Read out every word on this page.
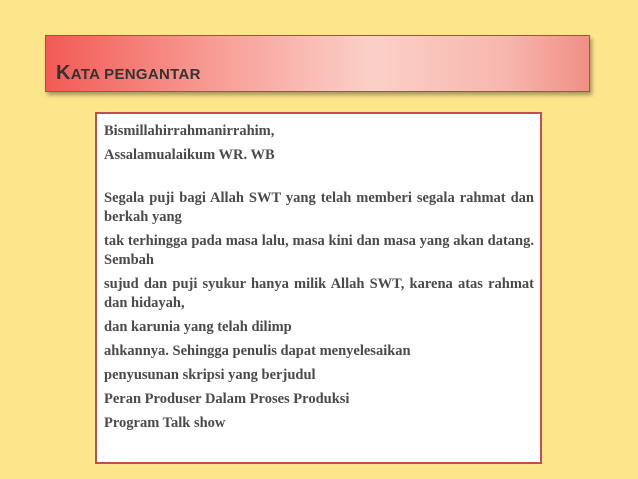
KATA PENGANTAR

Bismillahirrahmanirrahim,

Assalamualaikum WR. WB

Segala puji bagi Allah SWT yang telah memberi segala rahmat dan berkah yang

tak terhingga pada masa lalu, masa kini dan masa yang akan datang. Sembah

sujud dan puji syukur hanya milik Allah SWT, karena atas rahmat dan hidayah,

dan karunia yang telah dilimp

ahkannya. Sehingga penulis dapat menyelesaikan

penyusunan skripsi yang berjudul

Peran Produser Dalam Proses Produksi

Program Talk show
